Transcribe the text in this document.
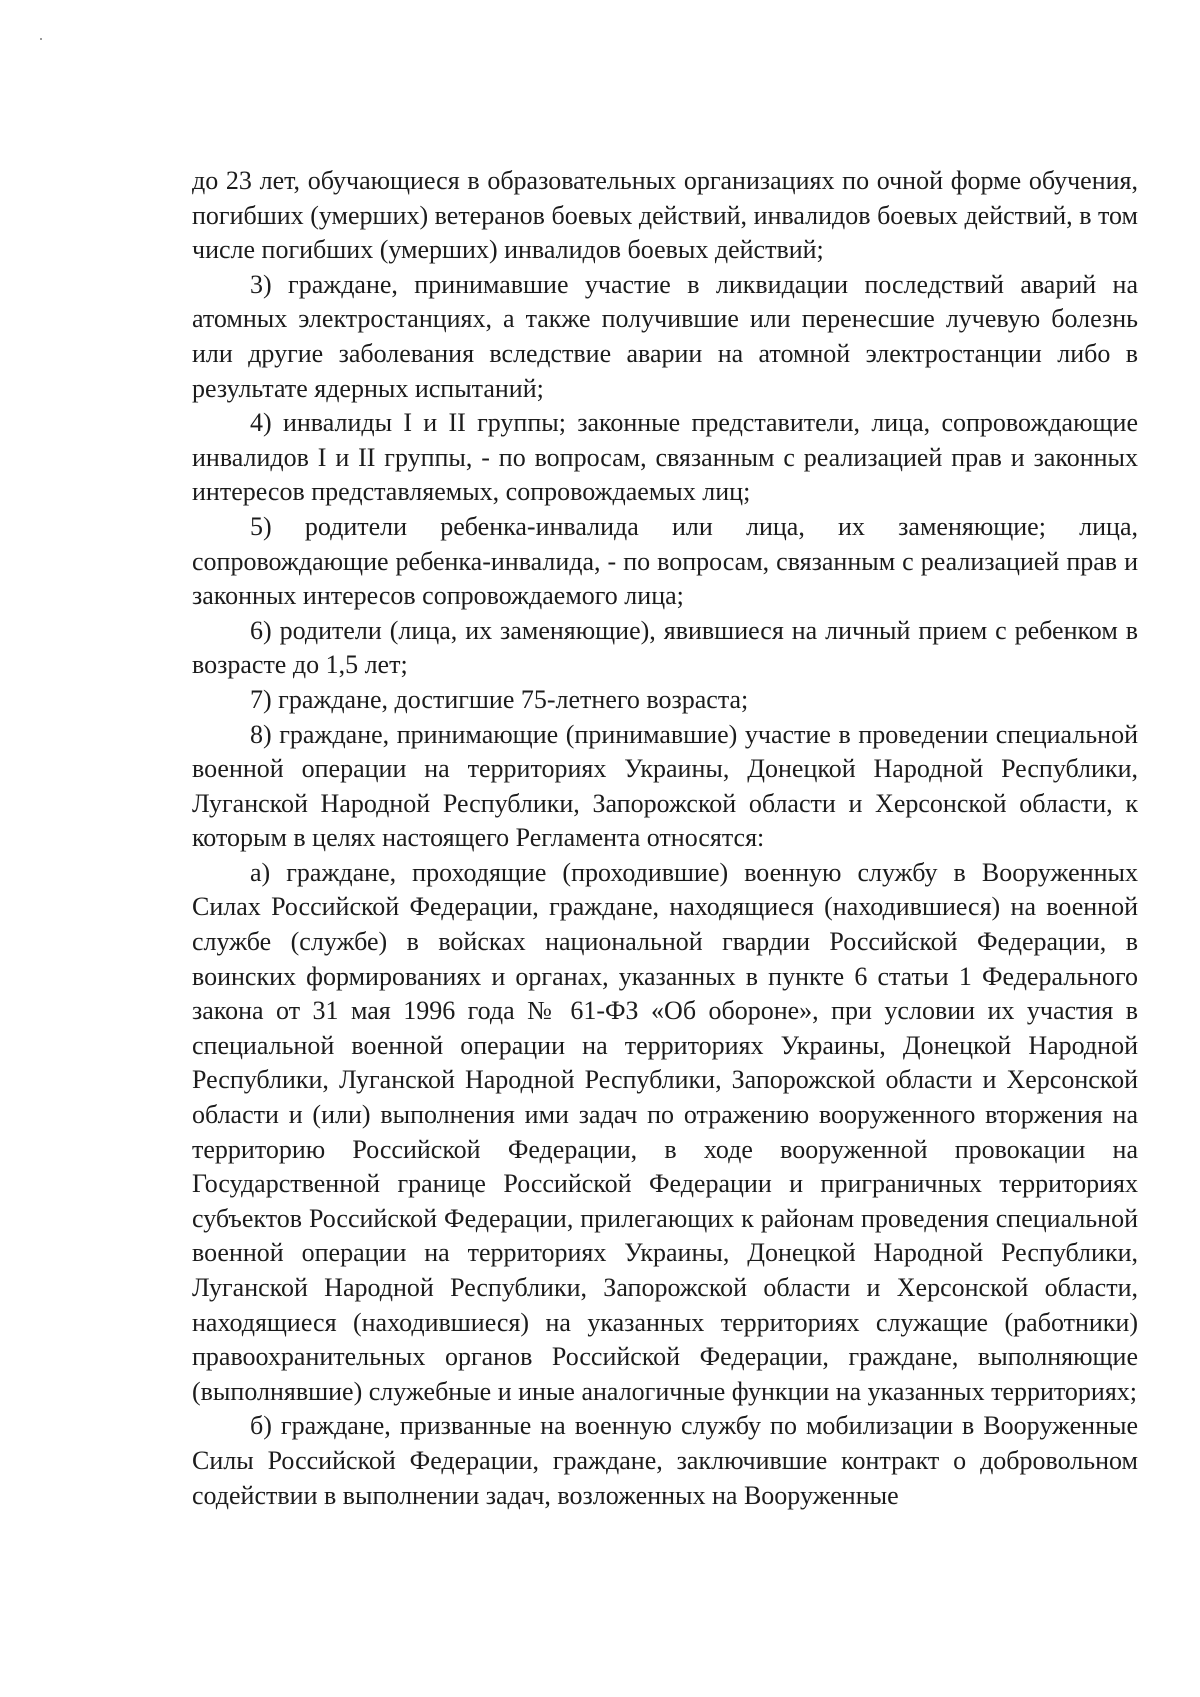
до 23 лет, обучающиеся в образовательных организациях по очной форме обучения, погибших (умерших) ветеранов боевых действий, инвалидов боевых действий, в том числе погибших (умерших) инвалидов боевых действий;

3) граждане, принимавшие участие в ликвидации последствий аварий на атомных электростанциях, а также получившие или перенесшие лучевую болезнь или другие заболевания вследствие аварии на атомной электростанции либо в результате ядерных испытаний;

4) инвалиды I и II группы; законные представители, лица, сопровождающие инвалидов I и II группы, - по вопросам, связанным с реализацией прав и законных интересов представляемых, сопровождаемых лиц;

5) родители ребенка-инвалида или лица, их заменяющие; лица, сопровождающие ребенка-инвалида, - по вопросам, связанным с реализацией прав и законных интересов сопровождаемого лица;

6) родители (лица, их заменяющие), явившиеся на личный прием с ребенком в возрасте до 1,5 лет;

7) граждане, достигшие 75-летнего возраста;

8) граждане, принимающие (принимавшие) участие в проведении специальной военной операции на территориях Украины, Донецкой Народной Республики, Луганской Народной Республики, Запорожской области и Херсонской области, к которым в целях настоящего Регламента относятся:

а) граждане, проходящие (проходившие) военную службу в Вооруженных Силах Российской Федерации, граждане, находящиеся (находившиеся) на военной службе (службе) в войсках национальной гвардии Российской Федерации, в воинских формированиях и органах, указанных в пункте 6 статьи 1 Федерального закона от 31 мая 1996 года № 61-ФЗ «Об обороне», при условии их участия в специальной военной операции на территориях Украины, Донецкой Народной Республики, Луганской Народной Республики, Запорожской области и Херсонской области и (или) выполнения ими задач по отражению вооруженного вторжения на территорию Российской Федерации, в ходе вооруженной провокации на Государственной границе Российской Федерации и приграничных территориях субъектов Российской Федерации, прилегающих к районам проведения специальной военной операции на территориях Украины, Донецкой Народной Республики, Луганской Народной Республики, Запорожской области и Херсонской области, находящиеся (находившиеся) на указанных территориях служащие (работники) правоохранительных органов Российской Федерации, граждане, выполняющие (выполнявшие) служебные и иные аналогичные функции на указанных территориях;

б) граждане, призванные на военную службу по мобилизации в Вооруженные Силы Российской Федерации, граждане, заключившие контракт о добровольном содействии в выполнении задач, возложенных на Вооруженные
